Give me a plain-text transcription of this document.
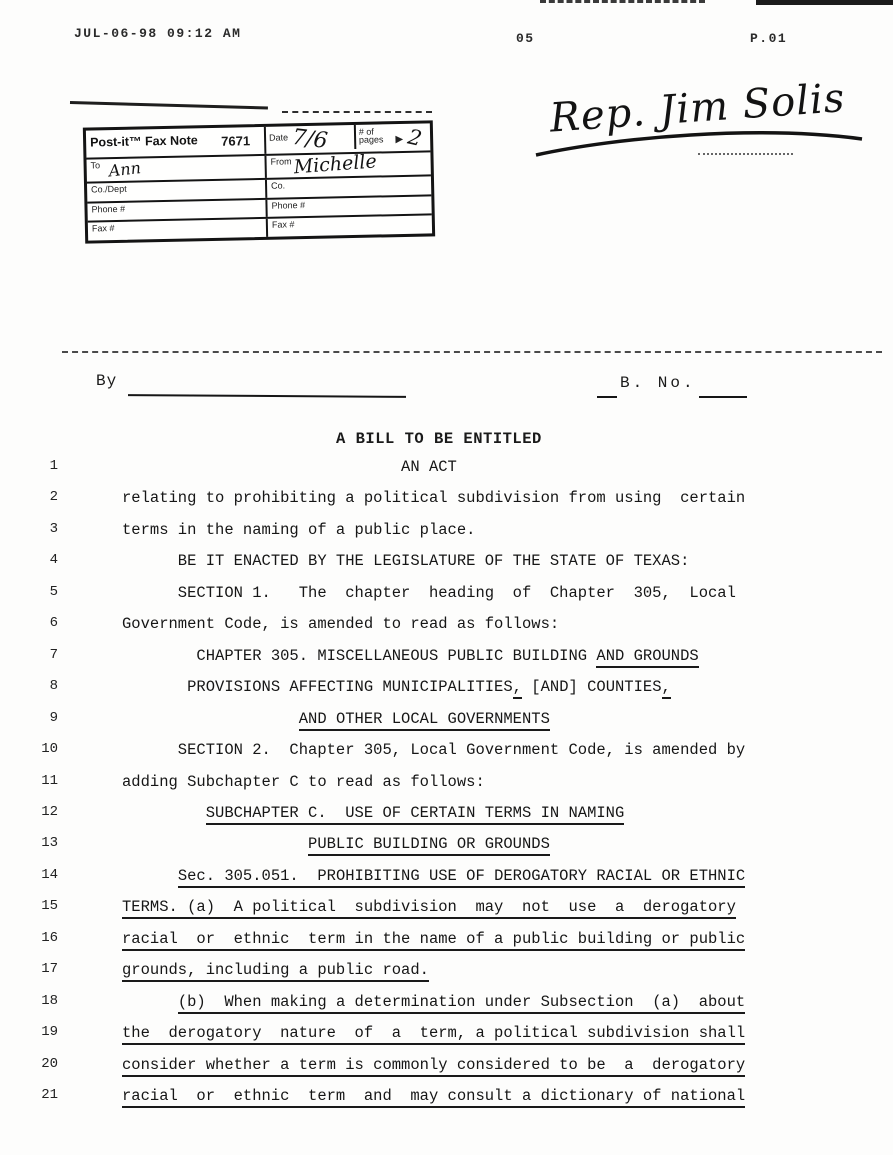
JUL-06-98 09:12 AM	05	P.01
Rep. Jim Solis
Post-it™ Fax Note 7671	Date 7/6	# of pages ▶ 2
To Ann	From Michelle
Co./Dept	Co.
Phone #	Phone #
Fax #	Fax #
By	B. No.
A BILL TO BE ENTITLED
1	AN ACT
2	relating to prohibiting a political subdivision from using  certain
3	terms in the naming of a public place.
4	BE IT ENACTED BY THE LEGISLATURE OF THE STATE OF TEXAS:
5	SECTION 1.   The  chapter  heading  of  Chapter  305,  Local
6	Government Code, is amended to read as follows:
7	CHAPTER 305. MISCELLANEOUS PUBLIC BUILDING AND GROUNDS
8	PROVISIONS AFFECTING MUNICIPALITIES, [AND] COUNTIES,
9	AND OTHER LOCAL GOVERNMENTS
10	SECTION 2.  Chapter 305, Local Government Code, is amended by
11	adding Subchapter C to read as follows:
12	SUBCHAPTER C.  USE OF CERTAIN TERMS IN NAMING
13	PUBLIC BUILDING OR GROUNDS
14	Sec. 305.051.  PROHIBITING USE OF DEROGATORY RACIAL OR ETHNIC
15	TERMS. (a)  A political  subdivision  may  not  use  a  derogatory
16	racial  or  ethnic  term in the name of a public building or public
17	grounds, including a public road.
18	(b)  When making a determination under Subsection  (a)  about
19	the  derogatory  nature  of  a  term, a political subdivision shall
20	consider whether a term is commonly considered to be  a  derogatory
21	racial  or  ethnic  term  and  may consult a dictionary of national
